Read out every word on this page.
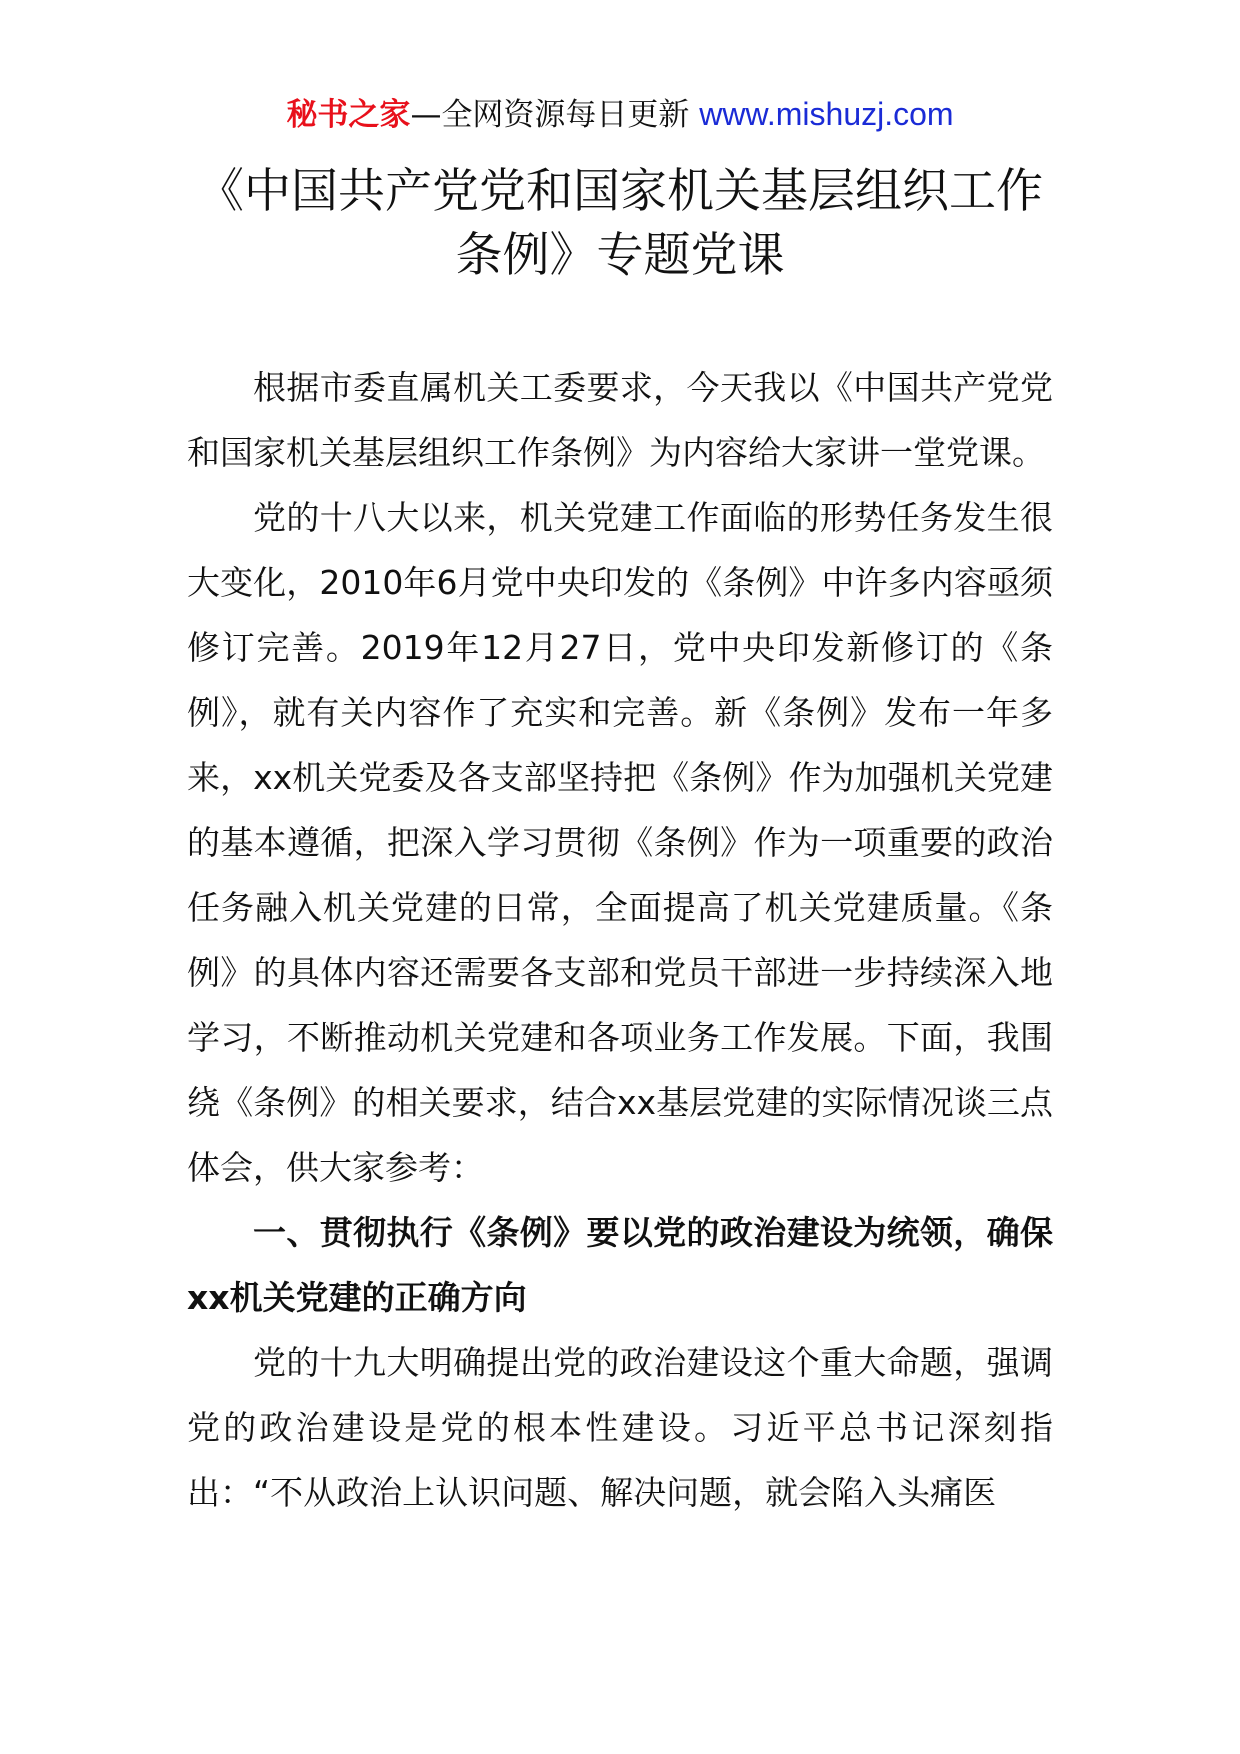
秘书之家—全网资源每日更新 www.mishuzj.com
《中国共产党党和国家机关基层组织工作条例》专题党课

根据市委直属机关工委要求，今天我以《中国共产党党和国家机关基层组织工作条例》为内容给大家讲一堂党课。

党的十八大以来，机关党建工作面临的形势任务发生很大变化，2010年6月党中央印发的《条例》中许多内容亟须修订完善。2019年12月27日，党中央印发新修订的《条例》，就有关内容作了充实和完善。新《条例》发布一年多来，xx机关党委及各支部坚持把《条例》作为加强机关党建的基本遵循，把深入学习贯彻《条例》作为一项重要的政治任务融入机关党建的日常，全面提高了机关党建质量。《条例》的具体内容还需要各支部和党员干部进一步持续深入地学习，不断推动机关党建和各项业务工作发展。下面，我围绕《条例》的相关要求，结合xx基层党建的实际情况谈三点体会，供大家参考：

一、贯彻执行《条例》要以党的政治建设为统领，确保xx机关党建的正确方向

党的十九大明确提出党的政治建设这个重大命题，强调党的政治建设是党的根本性建设。习近平总书记深刻指出：“不从政治上认识问题、解决问题，就会陷入头痛医
